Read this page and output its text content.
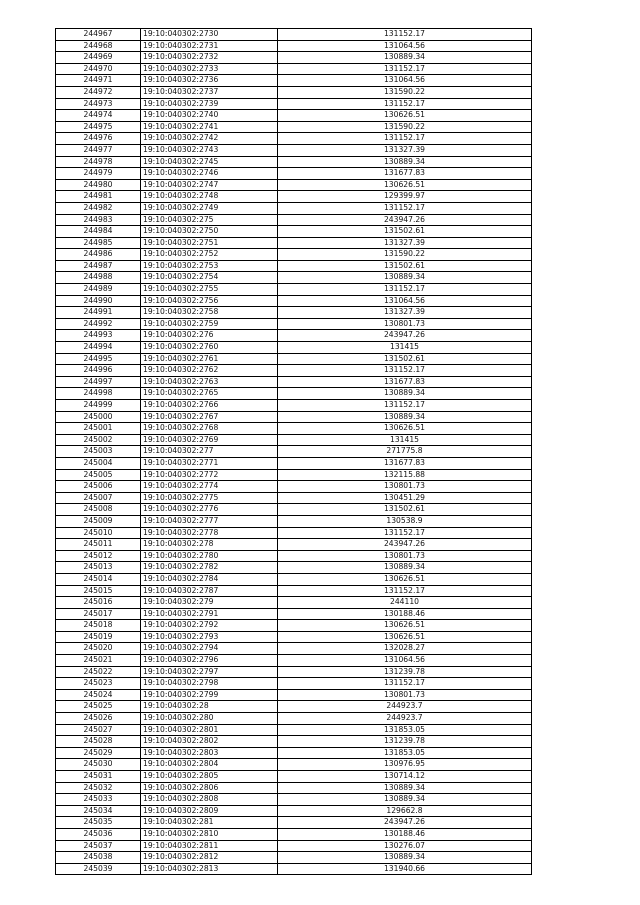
244967	19:10:040302:2730	131152.17
244968	19:10:040302:2731	131064.56
244969	19:10:040302:2732	130889.34
244970	19:10:040302:2733	131152.17
244971	19:10:040302:2736	131064.56
244972	19:10:040302:2737	131590.22
244973	19:10:040302:2739	131152.17
244974	19:10:040302:2740	130626.51
244975	19:10:040302:2741	131590.22
244976	19:10:040302:2742	131152.17
244977	19:10:040302:2743	131327.39
244978	19:10:040302:2745	130889.34
244979	19:10:040302:2746	131677.83
244980	19:10:040302:2747	130626.51
244981	19:10:040302:2748	129399.97
244982	19:10:040302:2749	131152.17
244983	19:10:040302:275	243947.26
244984	19:10:040302:2750	131502.61
244985	19:10:040302:2751	131327.39
244986	19:10:040302:2752	131590.22
244987	19:10:040302:2753	131502.61
244988	19:10:040302:2754	130889.34
244989	19:10:040302:2755	131152.17
244990	19:10:040302:2756	131064.56
244991	19:10:040302:2758	131327.39
244992	19:10:040302:2759	130801.73
244993	19:10:040302:276	243947.26
244994	19:10:040302:2760	131415
244995	19:10:040302:2761	131502.61
244996	19:10:040302:2762	131152.17
244997	19:10:040302:2763	131677.83
244998	19:10:040302:2765	130889.34
244999	19:10:040302:2766	131152.17
245000	19:10:040302:2767	130889.34
245001	19:10:040302:2768	130626.51
245002	19:10:040302:2769	131415
245003	19:10:040302:277	271775.8
245004	19:10:040302:2771	131677.83
245005	19:10:040302:2772	132115.88
245006	19:10:040302:2774	130801.73
245007	19:10:040302:2775	130451.29
245008	19:10:040302:2776	131502.61
245009	19:10:040302:2777	130538.9
245010	19:10:040302:2778	131152.17
245011	19:10:040302:278	243947.26
245012	19:10:040302:2780	130801.73
245013	19:10:040302:2782	130889.34
245014	19:10:040302:2784	130626.51
245015	19:10:040302:2787	131152.17
245016	19:10:040302:279	244110
245017	19:10:040302:2791	130188.46
245018	19:10:040302:2792	130626.51
245019	19:10:040302:2793	130626.51
245020	19:10:040302:2794	132028.27
245021	19:10:040302:2796	131064.56
245022	19:10:040302:2797	131239.78
245023	19:10:040302:2798	131152.17
245024	19:10:040302:2799	130801.73
245025	19:10:040302:28	244923.7
245026	19:10:040302:280	244923.7
245027	19:10:040302:2801	131853.05
245028	19:10:040302:2802	131239.78
245029	19:10:040302:2803	131853.05
245030	19:10:040302:2804	130976.95
245031	19:10:040302:2805	130714.12
245032	19:10:040302:2806	130889.34
245033	19:10:040302:2808	130889.34
245034	19:10:040302:2809	129662.8
245035	19:10:040302:281	243947.26
245036	19:10:040302:2810	130188.46
245037	19:10:040302:2811	130276.07
245038	19:10:040302:2812	130889.34
245039	19:10:040302:2813	131940.66
